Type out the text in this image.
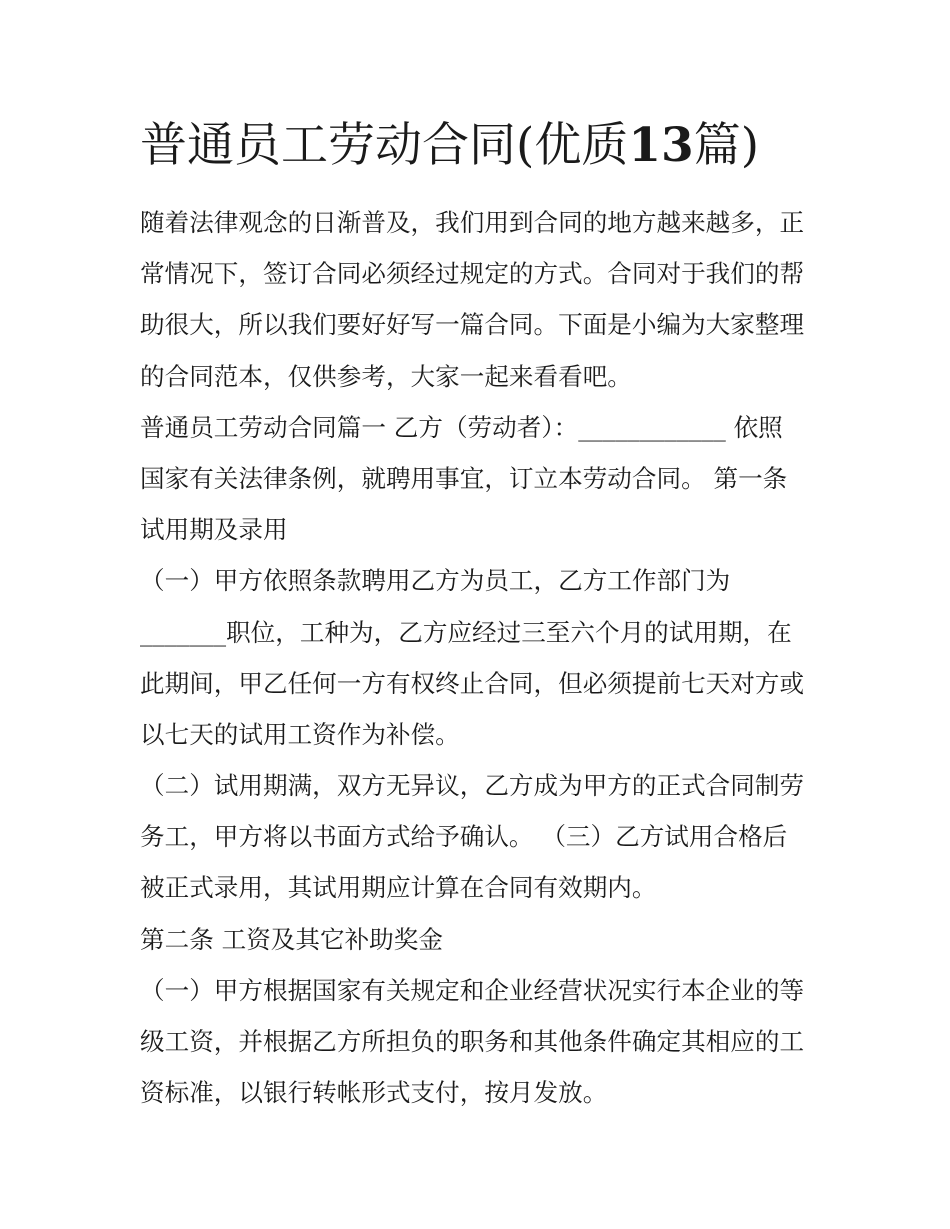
普通员工劳动合同(优质13篇)
随着法律观念的日渐普及，我们用到合同的地方越来越多，正
常情况下，签订合同必须经过规定的方式。合同对于我们的帮
助很大，所以我们要好好写一篇合同。下面是小编为大家整理
的合同范本，仅供参考，大家一起来看看吧。
普通员工劳动合同篇一 乙方（劳动者）：____________ 依照
国家有关法律条例，就聘用事宜，订立本劳动合同。 第一条
试用期及录用
（一）甲方依照条款聘用乙方为员工，乙方工作部门为
_______职位，工种为，乙方应经过三至六个月的试用期，在
此期间，甲乙任何一方有权终止合同，但必须提前七天对方或
以七天的试用工资作为补偿。
（二）试用期满，双方无异议，乙方成为甲方的正式合同制劳
务工，甲方将以书面方式给予确认。 （三）乙方试用合格后
被正式录用，其试用期应计算在合同有效期内。
第二条 工资及其它补助奖金
（一）甲方根据国家有关规定和企业经营状况实行本企业的等
级工资，并根据乙方所担负的职务和其他条件确定其相应的工
资标准，以银行转帐形式支付，按月发放。
